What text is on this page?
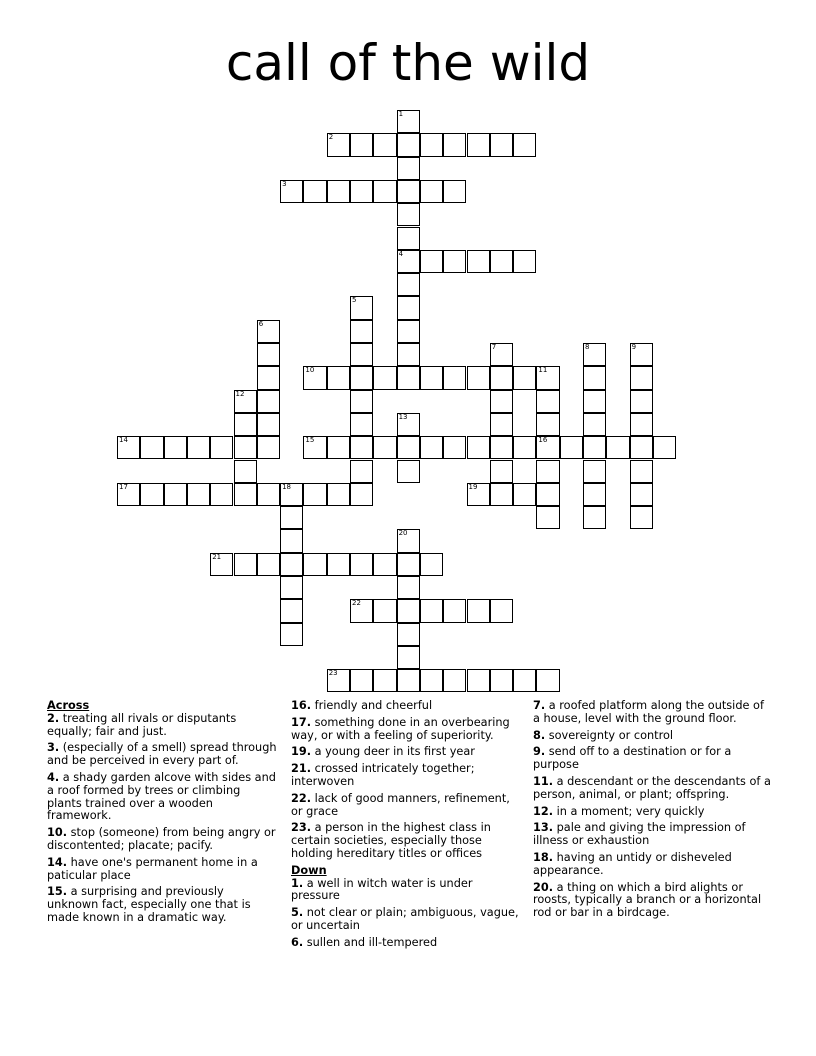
call of the wild
1
4
2
3
5
6
7	8	9
10	11
16
12
13
14	15
17	18	19
20
21
22
23
Across
2. treating all rivals or disputants equally; fair and just.
3. (especially of a smell) spread through and be perceived in every part of.
4. a shady garden alcove with sides and a roof formed by trees or climbing plants trained over a wooden framework.
10. stop (someone) from being angry or discontented; placate; pacify.
14. have one's permanent home in a paticular place
15. a surprising and previously unknown fact, especially one that is made known in a dramatic way.
16. friendly and cheerful
17. something done in an overbearing way, or with a feeling of superiority.
19. a young deer in its first year
21. crossed intricately together; interwoven
22. lack of good manners, refinement, or grace
23. a person in the highest class in certain societies, especially those holding hereditary titles or offices
Down
1. a well in witch water is under pressure
5. not clear or plain; ambiguous, vague, or uncertain
6. sullen and ill-tempered
7. a roofed platform along the outside of a house, level with the ground floor.
8. sovereignty or control
9. send off to a destination or for a purpose
11. a descendant or the descendants of a person, animal, or plant; offspring.
12. in a moment; very quickly
13. pale and giving the impression of illness or exhaustion
18. having an untidy or disheveled appearance.
20. a thing on which a bird alights or roosts, typically a branch or a horizontal rod or bar in a birdcage.
